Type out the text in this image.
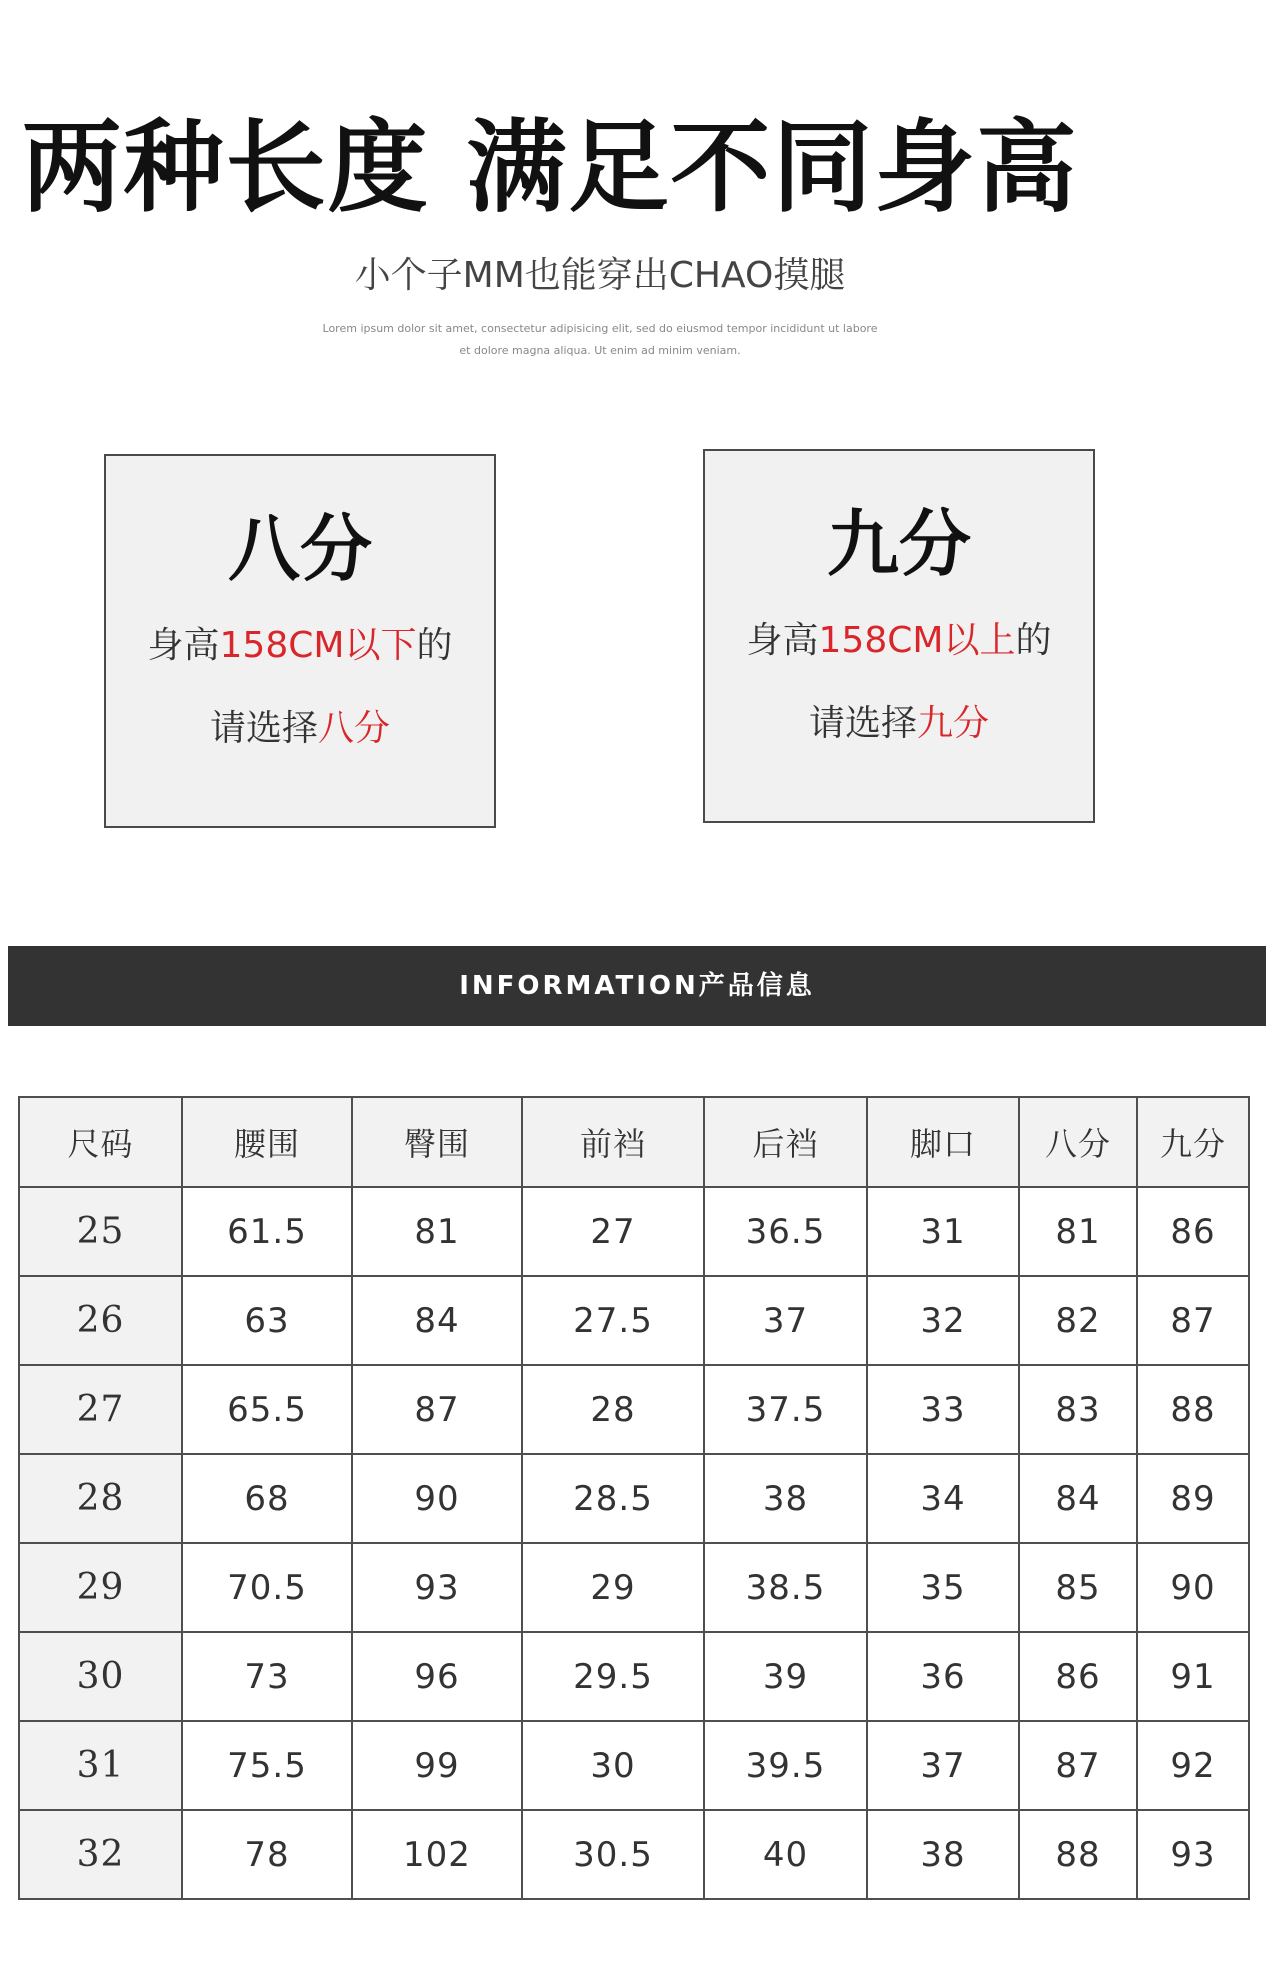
两种长度 满足不同身高
小个子MM也能穿出CHAO摸腿
Lorem ipsum dolor sit amet, consectetur adipisicing elit, sed do eiusmod tempor incididunt ut labore
et dolore magna aliqua. Ut enim ad minim veniam.
八分
身高158CM以下的
请选择八分
九分
身高158CM以上的
请选择九分
INFORMATION产品信息
尺码	腰围	臀围	前裆	后裆	脚口	八分	九分
25	61.5	81	27	36.5	31	81	86
26	63	84	27.5	37	32	82	87
27	65.5	87	28	37.5	33	83	88
28	68	90	28.5	38	34	84	89
29	70.5	93	29	38.5	35	85	90
30	73	96	29.5	39	36	86	91
31	75.5	99	30	39.5	37	87	92
32	78	102	30.5	40	38	88	93
